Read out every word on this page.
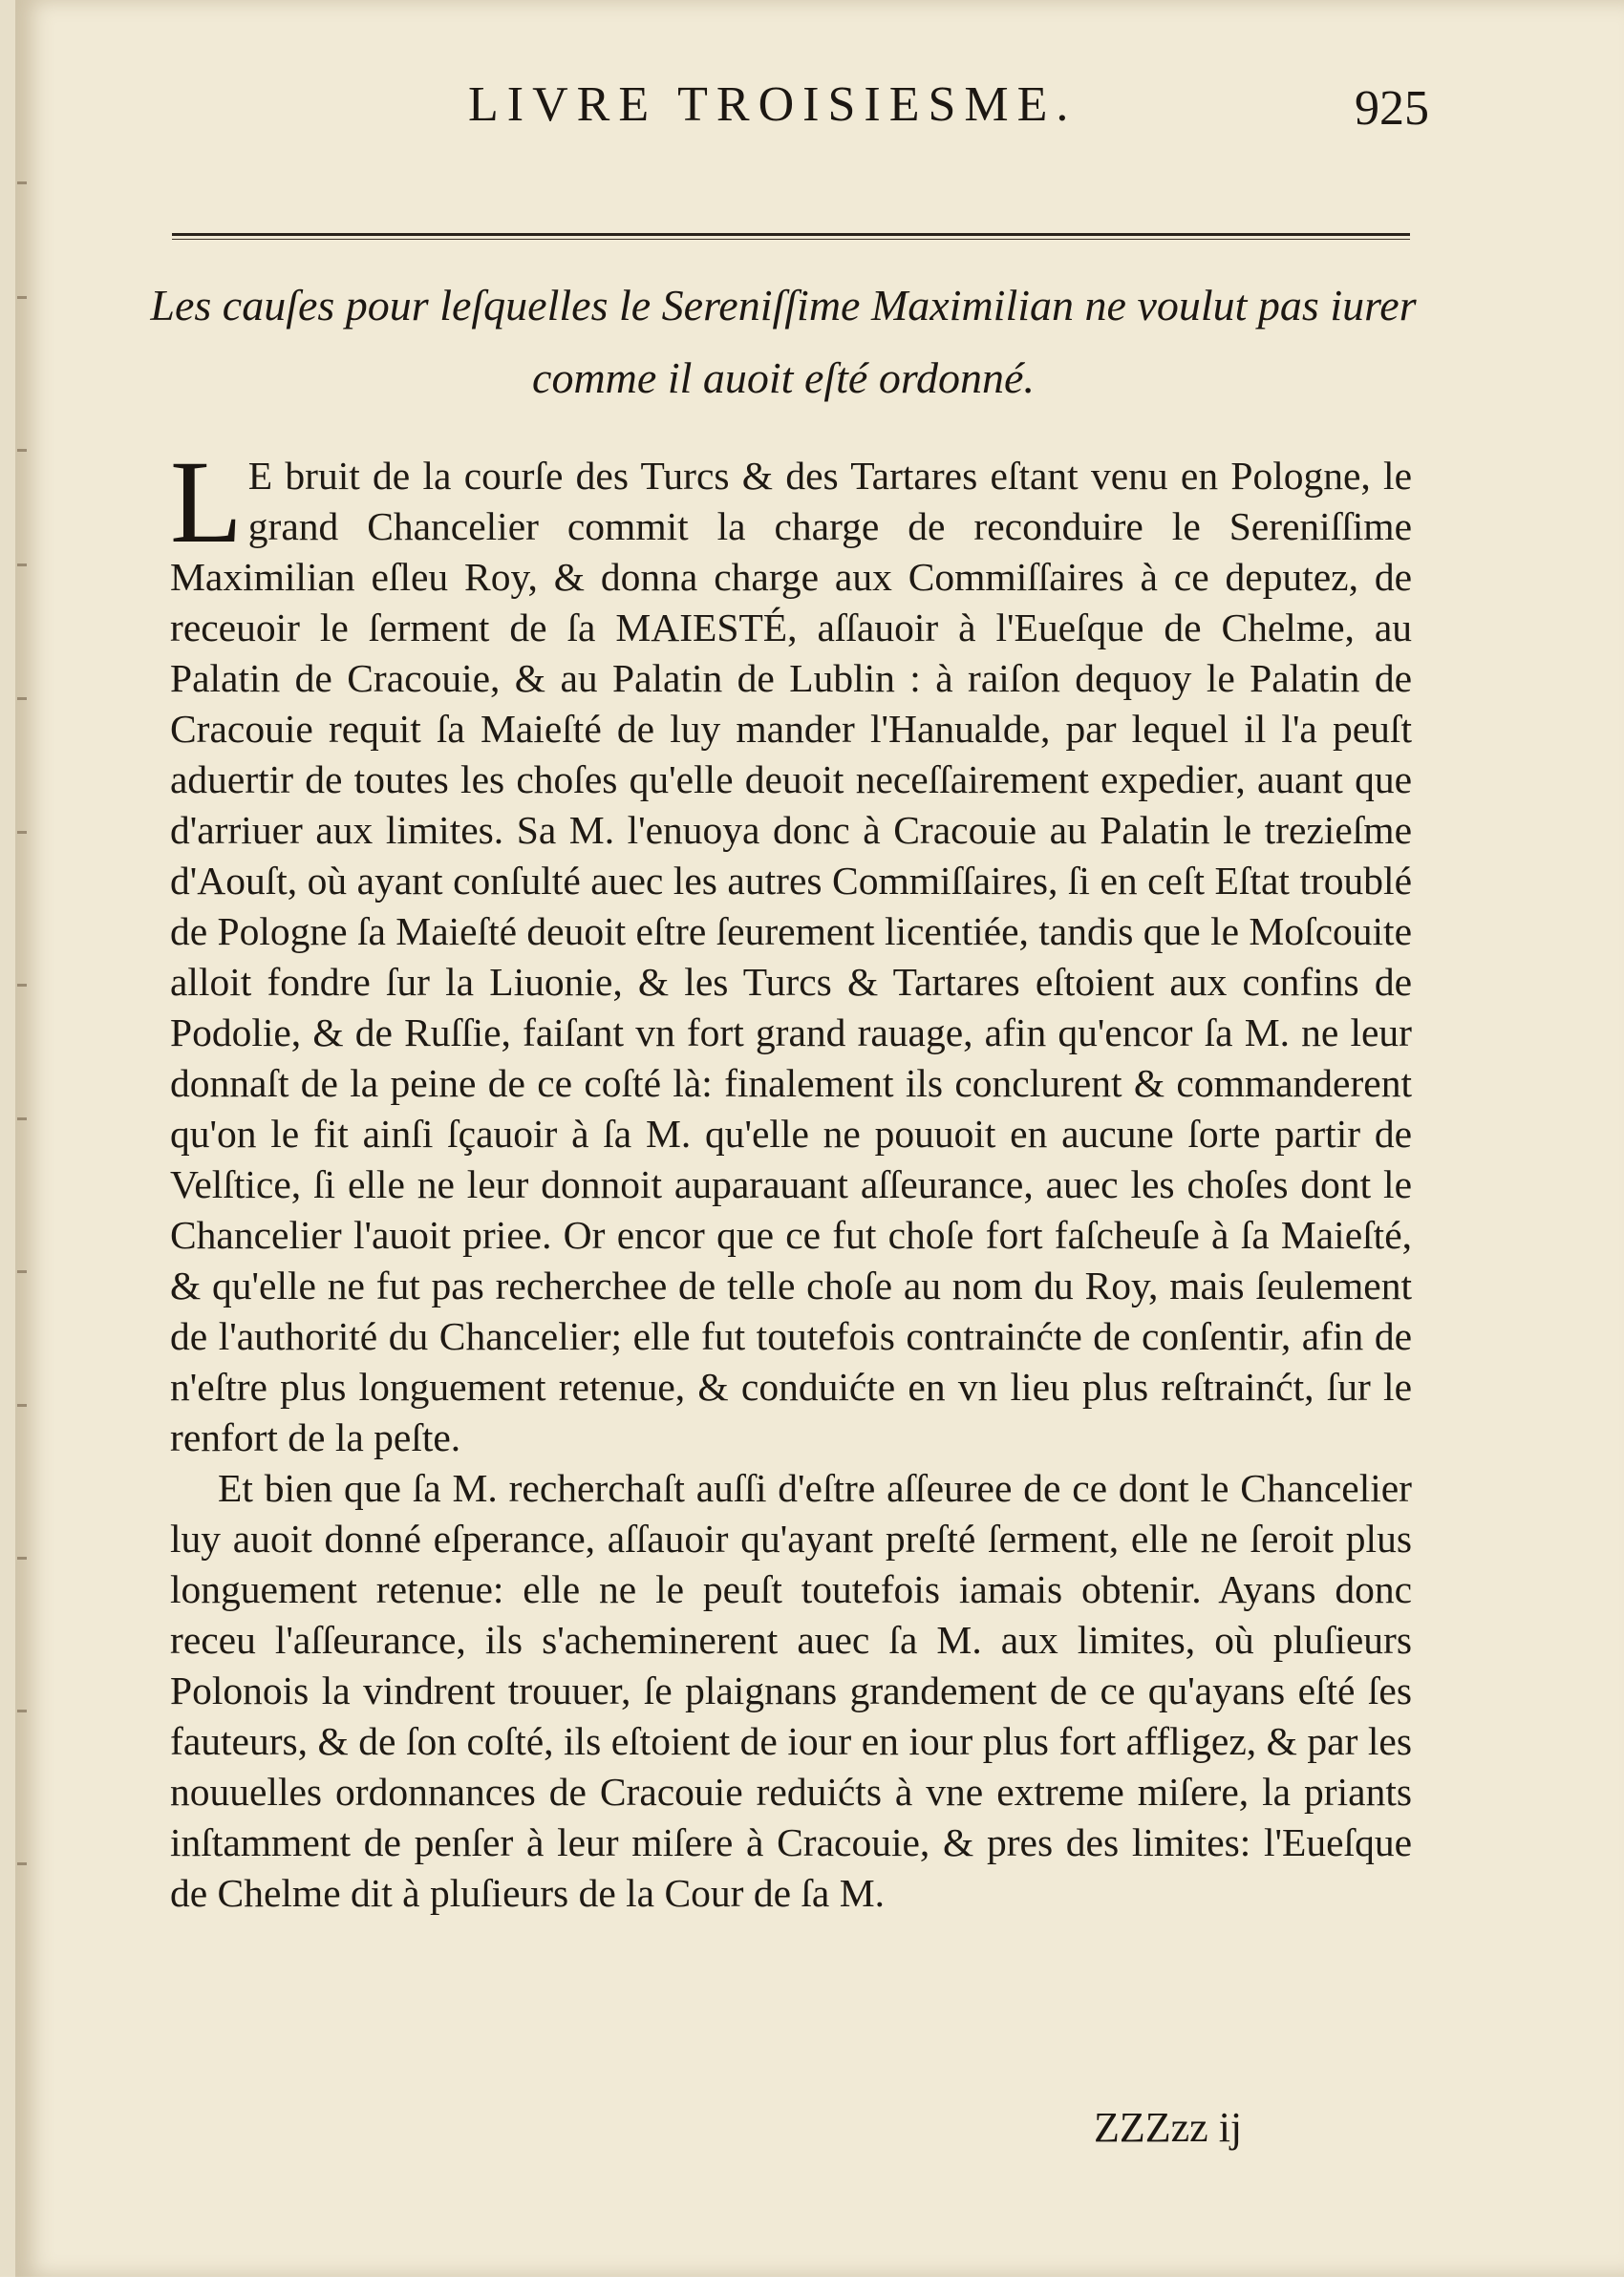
LIVRE TROISIESME.	925
Les cauſes pour leſquelles le Sereniſſime Maximilian ne voulut pas iurer comme il auoit eſté ordonné.

L E bruit de la courſe des Turcs & des Tartares eſtant venu en Pologne, le grand Chancelier commit la charge de reconduire le Sereniſſime Maximilian eſleu Roy, & donna charge aux Commiſſaires à ce deputez, de receuoir le ſerment de ſa MAIESTÉ, aſſauoir à l'Eueſque de Chelme, au Palatin de Cracouie, & au Palatin de Lublin : à raiſon dequoy le Palatin de Cracouie requit ſa Maieſté de luy mander l'Hanualde, par lequel il l'a peuſt aduertir de toutes les choſes qu'elle deuoit neceſſairement expedier, auant que d'arriuer aux limites. Sa M. l'enuoya donc à Cracouie au Palatin le trezieſme d'Aouſt, où ayant conſulté auec les autres Commiſſaires, ſi en ceſt Eſtat troublé de Pologne ſa Maieſté deuoit eſtre ſeurement licentiée, tandis que le Moſcouite alloit fondre ſur la Liuonie, & les Turcs & Tartares eſtoient aux confins de Podolie, & de Ruſſie, faiſant vn fort grand rauage, afin qu'encor ſa M. ne leur donnaſt de la peine de ce coſté là: finalement ils conclurent & commanderent qu'on le fit ainſi ſçauoir à ſa M. qu'elle ne pouuoit en aucune ſorte partir de Velſtice, ſi elle ne leur donnoit auparauant aſſeurance, auec les choſes dont le Chancelier l'auoit priee. Or encor que ce fut choſe fort faſcheuſe à ſa Maieſté, & qu'elle ne fut pas recherchee de telle choſe au nom du Roy, mais ſeulement de l'authorité du Chancelier; elle fut toutefois contrainćte de conſentir, afin de n'eſtre plus longuement retenue, & conduićte en vn lieu plus reſtrainćt, ſur le renfort de la peſte.

Et bien que ſa M. recherchaſt auſſi d'eſtre aſſeuree de ce dont le Chancelier luy auoit donné eſperance, aſſauoir qu'ayant preſté ſerment, elle ne ſeroit plus longuement retenue: elle ne le peuſt toutefois iamais obtenir. Ayans donc receu l'aſſeurance, ils s'acheminerent auec ſa M. aux limites, où pluſieurs Polonois la vindrent trouuer, ſe plaignans grandement de ce qu'ayans eſté ſes fauteurs, & de ſon coſté, ils eſtoient de iour en iour plus fort affligez, & par les nouuelles ordonnances de Cracouie reduićts à vne extreme miſere, la priants inſtamment de penſer à leur miſere à Cracouie, & pres des limites: l'Eueſque de Chelme dit à pluſieurs de la Cour de ſa M.

ZZZzz ij
